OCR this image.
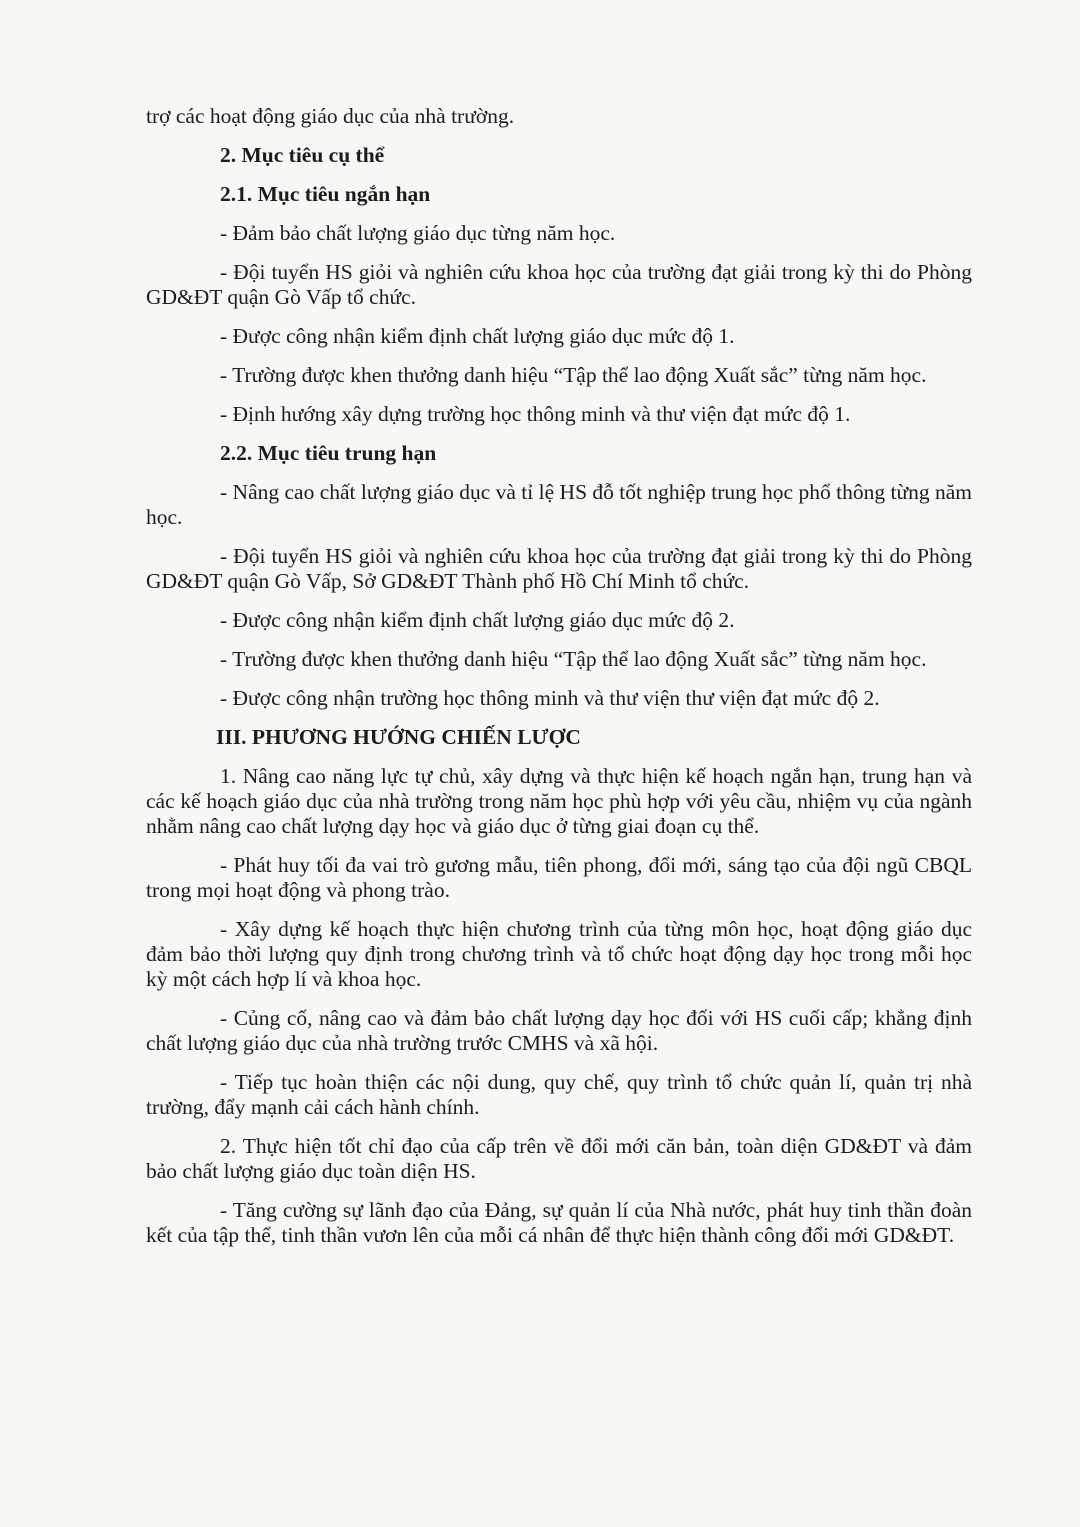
trợ các hoạt động giáo dục của nhà trường.

2. Mục tiêu cụ thể

2.1. Mục tiêu ngắn hạn

- Đảm bảo chất lượng giáo dục từng năm học.

- Đội tuyển HS giỏi và nghiên cứu khoa học của trường đạt giải trong kỳ thi do Phòng GD&ĐT quận Gò Vấp tổ chức.

- Được công nhận kiểm định chất lượng giáo dục mức độ 1.

- Trường được khen thưởng danh hiệu “Tập thể lao động Xuất sắc” từng năm học.

- Định hướng xây dựng trường học thông minh và thư viện đạt mức độ 1.

2.2. Mục tiêu trung hạn

- Nâng cao chất lượng giáo dục và tỉ lệ HS đỗ tốt nghiệp trung học phổ thông từng năm học.

- Đội tuyển HS giỏi và nghiên cứu khoa học của trường đạt giải trong kỳ thi do Phòng GD&ĐT quận Gò Vấp, Sở GD&ĐT Thành phố Hồ Chí Minh tổ chức.

- Được công nhận kiểm định chất lượng giáo dục mức độ 2.

- Trường được khen thưởng danh hiệu “Tập thể lao động Xuất sắc” từng năm học.

- Được công nhận trường học thông minh và thư viện thư viện đạt mức độ 2.

III. PHƯƠNG HƯỚNG CHIẾN LƯỢC

1. Nâng cao năng lực tự chủ, xây dựng và thực hiện kế hoạch ngắn hạn, trung hạn và các kế hoạch giáo dục của nhà trường trong năm học phù hợp với yêu cầu, nhiệm vụ của ngành nhằm nâng cao chất lượng dạy học và giáo dục ở từng giai đoạn cụ thể.

- Phát huy tối đa vai trò gương mẫu, tiên phong, đổi mới, sáng tạo của đội ngũ CBQL trong mọi hoạt động và phong trào.

- Xây dựng kế hoạch thực hiện chương trình của từng môn học, hoạt động giáo dục đảm bảo thời lượng quy định trong chương trình và tổ chức hoạt động dạy học trong mỗi học kỳ một cách hợp lí và khoa học.

- Củng cố, nâng cao và đảm bảo chất lượng dạy học đối với HS cuối cấp; khẳng định chất lượng giáo dục của nhà trường trước CMHS và xã hội.

- Tiếp tục hoàn thiện các nội dung, quy chế, quy trình tổ chức quản lí, quản trị nhà trường, đẩy mạnh cải cách hành chính.

2. Thực hiện tốt chỉ đạo của cấp trên về đổi mới căn bản, toàn diện GD&ĐT và đảm bảo chất lượng giáo dục toàn diện HS.

- Tăng cường sự lãnh đạo của Đảng, sự quản lí của Nhà nước, phát huy tinh thần đoàn kết của tập thể, tinh thần vươn lên của mỗi cá nhân để thực hiện thành công đổi mới GD&ĐT.
